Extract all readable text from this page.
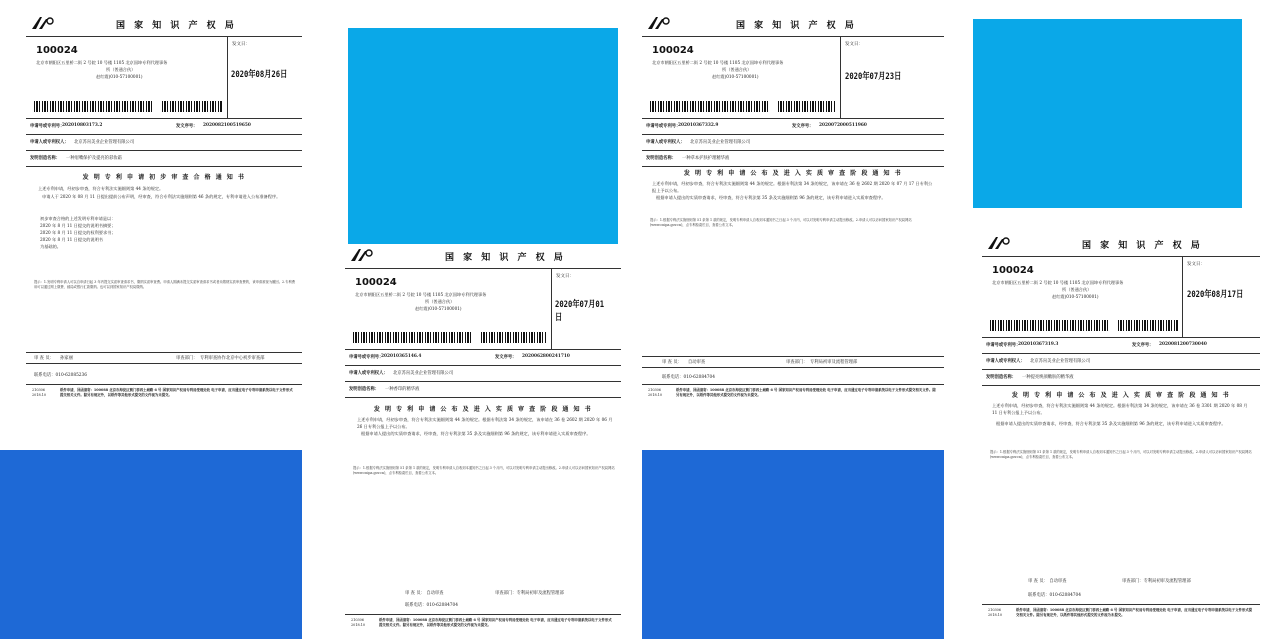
国 家 知 识 产 权 局
100024
北京市朝阳区五里桥二街 2 号院 10 号楼 1105 北京国坤专利代理事务
所（普通合伙）
赵红霞(010-57100001)
发文日：
2020年08月26日
申请号或专利号：
202010803173.2	发文序号： 2020082100519650
申请人或专利权人： 北京苏帛美业企业管理有限公司
发明创造名称： 一种眉嘴保护及提亮的彩妆霜
发 明 专 利 申 请 初 步 审 查 合 格 通 知 书
上述专利申请，经初步审查，符合专利法实施细则第 44 条的规定。
申请人于 2020 年 08 月 11 日提出提前公布声明，经审查，符合专利法实施细则第 46 条的规定，专利申请进入公布准备程序。
初步审查合格的上述发明专利申请是以：
2020 年 8 月 11 日提交的说明书摘要；
2020 年 8 月 11 日提交的权利要求书；
2020 年 8 月 11 日提交的说明书
为基础的。
提示：1.发明专利申请人可以自申请日起 3 年内提交实质审查请求书，缴纳实质审查费。申请人期满未提交实质审查请求书或者未缴纳实质审查费的，该申请被视为撤回。2.专利费用可以通过网上缴费、邮局或银行汇款缴纳。也可以到国家知识产权局缴纳。
审 查 员： 孙家丽	审查部门： 专利审查协作北京中心初步审查部
联系电话：010-62085236
210306 2018.10
纸件申请，回函请寄：100088 北京市海淀区蓟门桥西土城路 6 号 国家知识产权局专利局受理处收 电子申请，应当通过电子专利申请系统以电子文件形式提交相关文件。除另有规定外，以纸件等其他形式提交的文件视为未提交。
国 家 知 识 产 权 局
100024
北京市朝阳区五里桥二街 2 号院 10 号楼 1105 北京国坤专利代理事务
所（普通合伙）
赵红霞(010-57100001)
发文日：
2020年07月01日
申请号或专利号：
202010365146.4	发文序号： 2020062800241710
申请人或专利权人： 北京苏帛美业企业管理有限公司
发明创造名称： 一种香印的精华液
发 明 专 利 申 请 公 布 及 进 入 实 质 审 查 阶 段 通 知 书
上述专利申请，经初步审查，符合专利法实施细则第 44 条的规定。根据专利法第 34 条的规定，该申请在 36 卷 2602 期 2020 年 06 月 26 日专利公报上予以公布。
根据申请人提出的实质审查请求，经审查，符合专利法第 35 条及实施细则第 96 条的规定，该专利申请进入实质审查程序。
提示：1.根据专利法实施细则第 51 条第 1 款的规定，发明专利申请人自收到本通知书之日起 3 个月内，可以对发明专利申请主动提出修改。2.申请人可以访问国家知识产权局网站(www.cnipa.gov.cn)，点专利检索栏目，查看公布文本。
审 查 员： 自动审查	审查部门：专利局初审及流程管理部
联系电话：010-62084704
210306 2018.10
纸件申请，回函请寄：100088 北京市海淀区蓟门桥西土城路 6 号 国家知识产权局专利局受理处收 电子申请，应当通过电子专利申请系统以电子文件形式提交相关文件。除另有规定外，以纸件等其他形式提交的文件视为未提交。
国 家 知 识 产 权 局
100024
北京市朝阳区五里桥二街 2 号院 10 号楼 1105 北京国坤专利代理事务
所（普通合伙）
赵红霞(010-57100001)
发文日：
2020年07月23日
申请号或专利号：
202010367332.9	发文序号： 2020072000511960
申请人或专利权人： 北京苏帛美业企业管理有限公司
发明创造名称： 一种草本护肤护理精华液
发 明 专 利 申 请 公 布 及 进 入 实 质 审 查 阶 段 通 知 书
上述专利申请，经初步审查，符合专利法实施细则第 44 条的规定。根据专利法第 34 条的规定，该申请在 36 卷 2602 期 2020 年 07 月 17 日专利公报上予以公布。
根据申请人提出的实质审查请求，经审查，符合专利法第 35 条及实施细则第 96 条的规定，该专利申请进入实质审查程序。
提示：1.根据专利法实施细则第 51 条第 1 款的规定，发明专利申请人自收到本通知书之日起 3 个月内，可以对发明专利申请主动提出修改。2.申请人可以访问国家知识产权局网站(www.cnipa.gov.cn)，点专利检索栏目，查看公布文本。
审 查 员： 自动审查	审查部门： 专利局初审及流程管理部
联系电话：010-62084704
210306 2018.10
纸件申请，回函请寄：100088 北京市海淀区蓟门桥西土城路 6 号 国家知识产权局专利局受理处收 电子申请，应当通过电子专利申请系统以电子文件形式提交相关文件。除另有规定外，以纸件等其他形式提交的文件视为未提交。
国 家 知 识 产 权 局
100024
北京市朝阳区五里桥二街 2 号院 10 号楼 1105 北京国坤专利代理事务
所（普通合伙）
赵红霞(010-57100001)
发文日：
2020年08月17日
申请号或专利号：
202010367319.3	发文序号： 2020081200730040
申请人或专利权人： 北京苏帛美业企业管理有限公司
发明创造名称： 一种提亮焕颜嫩肤的精华液
发 明 专 利 申 请 公 布 及 进 入 实 质 审 查 阶 段 通 知 书
上述专利申请，经初步审查，符合专利法实施细则第 44 条的规定。根据专利法第 34 条的规定，该申请在 36 卷 3301 期 2020 年 08 月 11 日专利公报上予以公布。
根据申请人提出的实质审查请求，经审查，符合专利法第 35 条及实施细则第 96 条的规定，该专利申请进入实质审查程序。
提示：1.根据专利法实施细则第 51 条第 1 款的规定，发明专利申请人自收到本通知书之日起 3 个月内，可以对发明专利申请主动提出修改。2.申请人可以访问国家知识产权局网站(www.cnipa.gov.cn)，点专利检索栏目，查看公布文本。
审 查 员： 自动审查	审查部门：专利局初审及流程管理部
联系电话：010-62084704
210306 2018.10
纸件申请，回函请寄：100088 北京市海淀区蓟门桥西土城路 6 号 国家知识产权局专利局受理处收 电子申请，应当通过电子专利申请系统以电子文件形式提交相关文件。除另有规定外，以纸件等其他形式提交的文件视为未提交。
